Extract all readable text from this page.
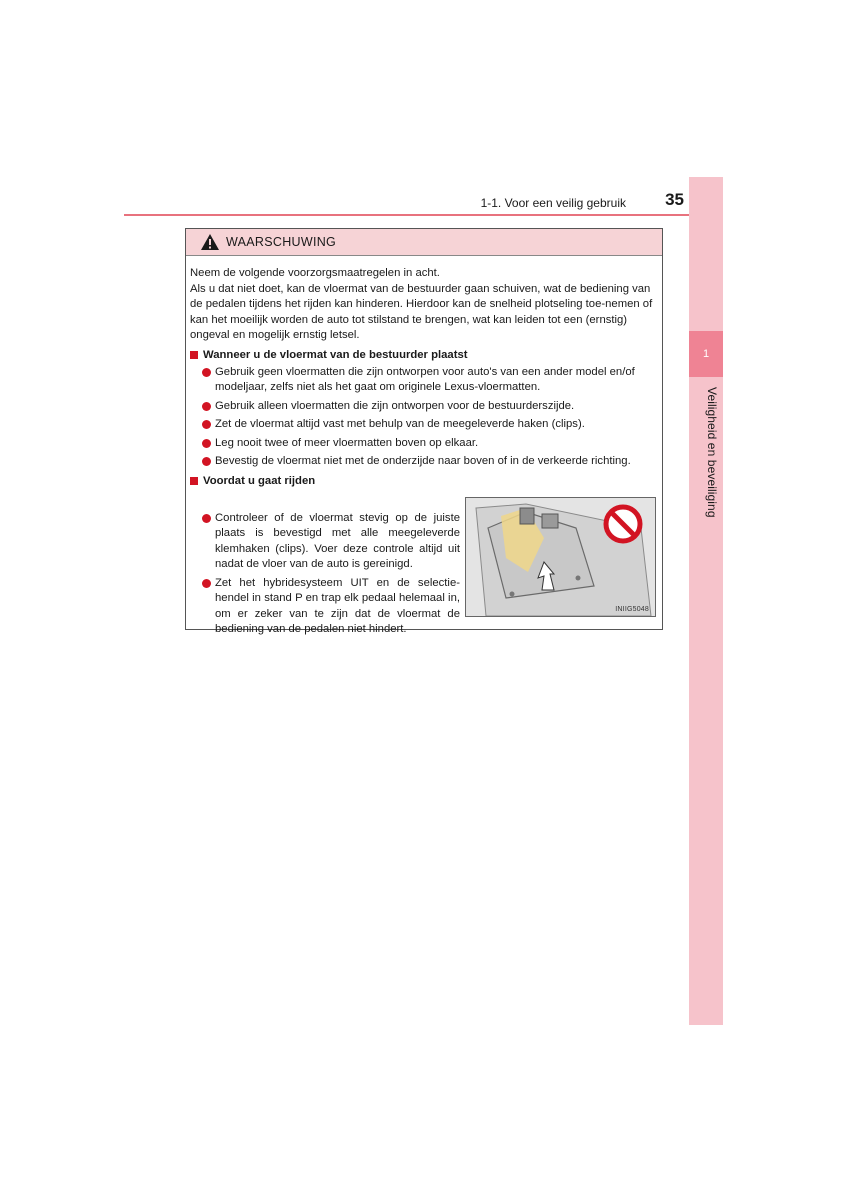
1-1. Voor een veilig gebruik	35
1
Veiligheid en beveiliging
WAARSCHUWING

Neem de volgende voorzorgsmaatregelen in acht.

Als u dat niet doet, kan de vloermat van de bestuurder gaan schuiven, wat de bediening van de pedalen tijdens het rijden kan hinderen. Hierdoor kan de snelheid plotseling toe-nemen of kan het moeilijk worden de auto tot stilstand te brengen, wat kan leiden tot een (ernstig) ongeval en mogelijk ernstig letsel.

Wanneer u de vloermat van de bestuurder plaatst
Gebruik geen vloermatten die zijn ontworpen voor auto's van een ander model en/of modeljaar, zelfs niet als het gaat om originele Lexus-vloermatten.
Gebruik alleen vloermatten die zijn ontworpen voor de bestuurderszijde.
Zet de vloermat altijd vast met behulp van de meegeleverde haken (clips).
Leg nooit twee of meer vloermatten boven op elkaar.
Bevestig de vloermat niet met de onderzijde naar boven of in de verkeerde richting.
Voordat u gaat rijden
Controleer of de vloermat stevig op de juiste plaats is bevestigd met alle meegeleverde klemhaken (clips). Voer deze controle altijd uit nadat de vloer van de auto is gereinigd.
Zet het hybridesysteem UIT en de selectie-hendel in stand P en trap elk pedaal helemaal in, om er zeker van te zijn dat de vloermat de bediening van de pedalen niet hindert.
INIIG5048
